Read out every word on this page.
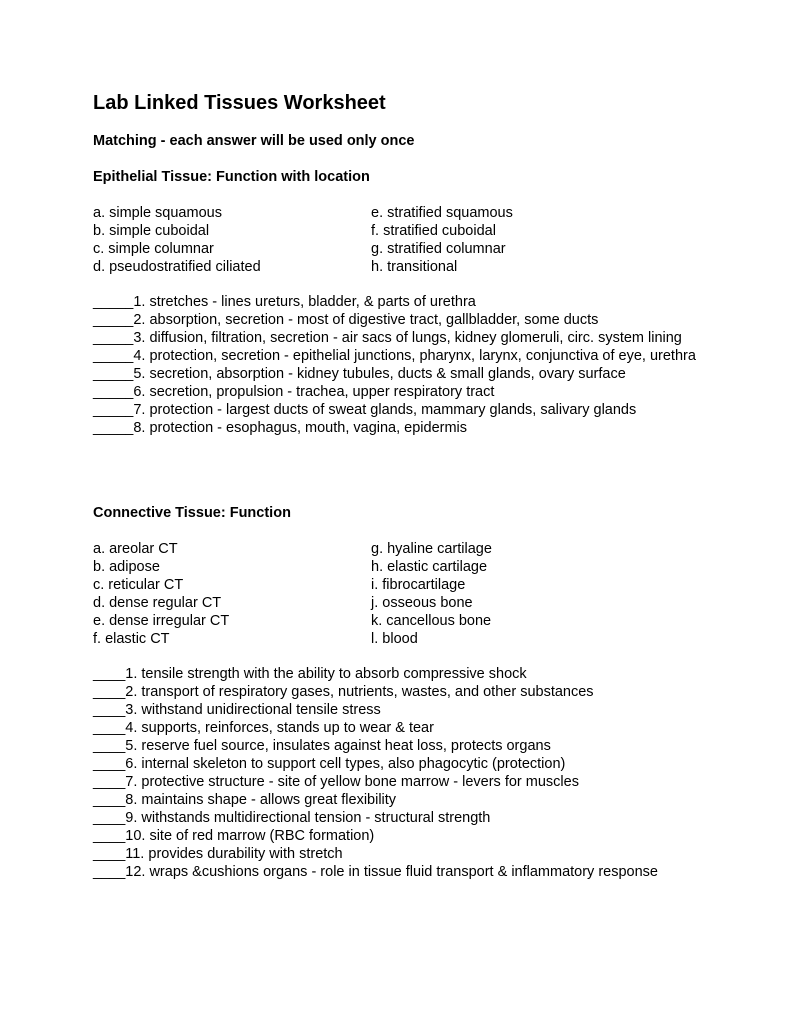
Lab Linked Tissues Worksheet
Matching - each answer will be used only once
Epithelial Tissue: Function with location
a. simple squamous
b. simple cuboidal
c. simple columnar
d. pseudostratified ciliated
e. stratified squamous
f. stratified cuboidal
g. stratified columnar
h. transitional
_____1. stretches - lines ureturs, bladder, & parts of urethra
_____2. absorption, secretion - most of digestive tract, gallbladder, some ducts
_____3. diffusion, filtration, secretion - air sacs of lungs, kidney glomeruli, circ. system lining
_____4. protection, secretion - epithelial junctions, pharynx, larynx, conjunctiva of eye, urethra
_____5. secretion, absorption - kidney tubules, ducts & small glands, ovary surface
_____6. secretion, propulsion - trachea, upper respiratory tract
_____7. protection - largest ducts of sweat glands, mammary glands, salivary glands
_____8. protection - esophagus, mouth, vagina, epidermis
Connective Tissue: Function
a. areolar CT
b. adipose
c. reticular CT
d. dense regular CT
e. dense irregular CT
f. elastic CT
g. hyaline cartilage
h. elastic cartilage
i. fibrocartilage
j. osseous bone
k. cancellous bone
l. blood
____1. tensile strength with the ability to absorb compressive shock
____2. transport of respiratory gases, nutrients, wastes, and other substances
____3. withstand unidirectional tensile stress
____4. supports, reinforces, stands up to wear & tear
____5. reserve fuel source, insulates against heat loss, protects organs
____6. internal skeleton to support cell types, also phagocytic (protection)
____7. protective structure - site of yellow bone marrow - levers for muscles
____8. maintains shape - allows great flexibility
____9. withstands multidirectional tension - structural strength
____10. site of red marrow (RBC formation)
____11. provides durability with stretch
____12. wraps &cushions organs - role in tissue fluid transport & inflammatory response
